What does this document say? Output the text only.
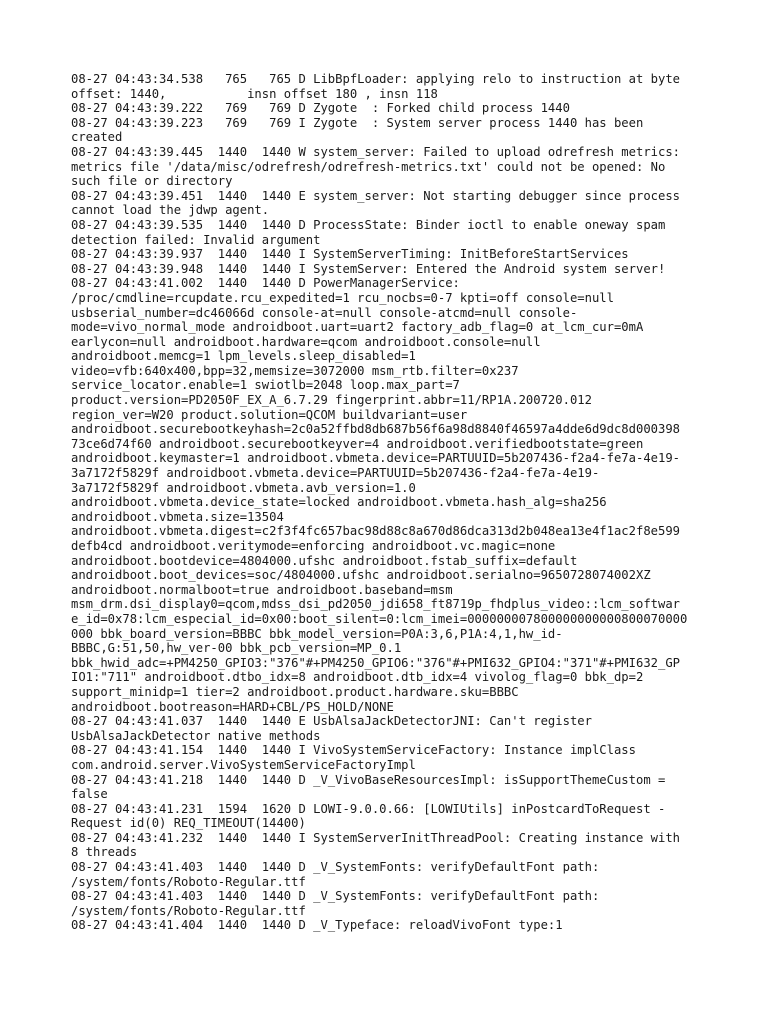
08-27 04:43:34.538   765   765 D LibBpfLoader: applying relo to instruction at byte
offset: 1440,           insn offset 180 , insn 118
08-27 04:43:39.222   769   769 D Zygote  : Forked child process 1440
08-27 04:43:39.223   769   769 I Zygote  : System server process 1440 has been
created
08-27 04:43:39.445  1440  1440 W system_server: Failed to upload odrefresh metrics:
metrics file '/data/misc/odrefresh/odrefresh-metrics.txt' could not be opened: No
such file or directory
08-27 04:43:39.451  1440  1440 E system_server: Not starting debugger since process
cannot load the jdwp agent.
08-27 04:43:39.535  1440  1440 D ProcessState: Binder ioctl to enable oneway spam
detection failed: Invalid argument
08-27 04:43:39.937  1440  1440 I SystemServerTiming: InitBeforeStartServices
08-27 04:43:39.948  1440  1440 I SystemServer: Entered the Android system server!
08-27 04:43:41.002  1440  1440 D PowerManagerService:
/proc/cmdline=rcupdate.rcu_expedited=1 rcu_nocbs=0-7 kpti=off console=null
usbserial_number=dc46066d console-at=null console-atcmd=null console-
mode=vivo_normal_mode androidboot.uart=uart2 factory_adb_flag=0 at_lcm_cur=0mA
earlycon=null androidboot.hardware=qcom androidboot.console=null
androidboot.memcg=1 lpm_levels.sleep_disabled=1
video=vfb:640x400,bpp=32,memsize=3072000 msm_rtb.filter=0x237
service_locator.enable=1 swiotlb=2048 loop.max_part=7
product.version=PD2050F_EX_A_6.7.29 fingerprint.abbr=11/RP1A.200720.012
region_ver=W20 product.solution=QCOM buildvariant=user
androidboot.securebootkeyhash=2c0a52ffbd8db687b56f6a98d8840f46597a4dde6d9dc8d000398
73ce6d74f60 androidboot.securebootkeyver=4 androidboot.verifiedbootstate=green
androidboot.keymaster=1 androidboot.vbmeta.device=PARTUUID=5b207436-f2a4-fe7a-4e19-
3a7172f5829f androidboot.vbmeta.device=PARTUUID=5b207436-f2a4-fe7a-4e19-
3a7172f5829f androidboot.vbmeta.avb_version=1.0
androidboot.vbmeta.device_state=locked androidboot.vbmeta.hash_alg=sha256
androidboot.vbmeta.size=13504
androidboot.vbmeta.digest=c2f3f4fc657bac98d88c8a670d86dca313d2b048ea13e4f1ac2f8e599
defb4cd androidboot.veritymode=enforcing androidboot.vc.magic=none
androidboot.bootdevice=4804000.ufshc androidboot.fstab_suffix=default
androidboot.boot_devices=soc/4804000.ufshc androidboot.serialno=9650728074002XZ
androidboot.normalboot=true androidboot.baseband=msm
msm_drm.dsi_display0=qcom,mdss_dsi_pd2050_jdi658_ft8719p_fhdplus_video::lcm_softwar
e_id=0x78:lcm_especial_id=0x00:boot_silent=0:lcm_imei=000000007800000000000800070000
000 bbk_board_version=BBBC bbk_model_version=P0A:3,6,P1A:4,1,hw_id-
BBBC,G:51,50,hw_ver-00 bbk_pcb_version=MP_0.1
bbk_hwid_adc=+PM4250_GPIO3:"376"#+PM4250_GPIO6:"376"#+PMI632_GPIO4:"371"#+PMI632_GP
IO1:"711" androidboot.dtbo_idx=8 androidboot.dtb_idx=4 vivolog_flag=0 bbk_dp=2
support_minidp=1 tier=2 androidboot.product.hardware.sku=BBBC
androidboot.bootreason=HARD+CBL/PS_HOLD/NONE
08-27 04:43:41.037  1440  1440 E UsbAlsaJackDetectorJNI: Can't register
UsbAlsaJackDetector native methods
08-27 04:43:41.154  1440  1440 I VivoSystemServiceFactory: Instance implClass
com.android.server.VivoSystemServiceFactoryImpl
08-27 04:43:41.218  1440  1440 D _V_VivoBaseResourcesImpl: isSupportThemeCustom =
false
08-27 04:43:41.231  1594  1620 D LOWI-9.0.0.66: [LOWIUtils] inPostcardToRequest -
Request id(0) REQ_TIMEOUT(14400)
08-27 04:43:41.232  1440  1440 I SystemServerInitThreadPool: Creating instance with
8 threads
08-27 04:43:41.403  1440  1440 D _V_SystemFonts: verifyDefaultFont path:
/system/fonts/Roboto-Regular.ttf
08-27 04:43:41.403  1440  1440 D _V_SystemFonts: verifyDefaultFont path:
/system/fonts/Roboto-Regular.ttf
08-27 04:43:41.404  1440  1440 D _V_Typeface: reloadVivoFont type:1
